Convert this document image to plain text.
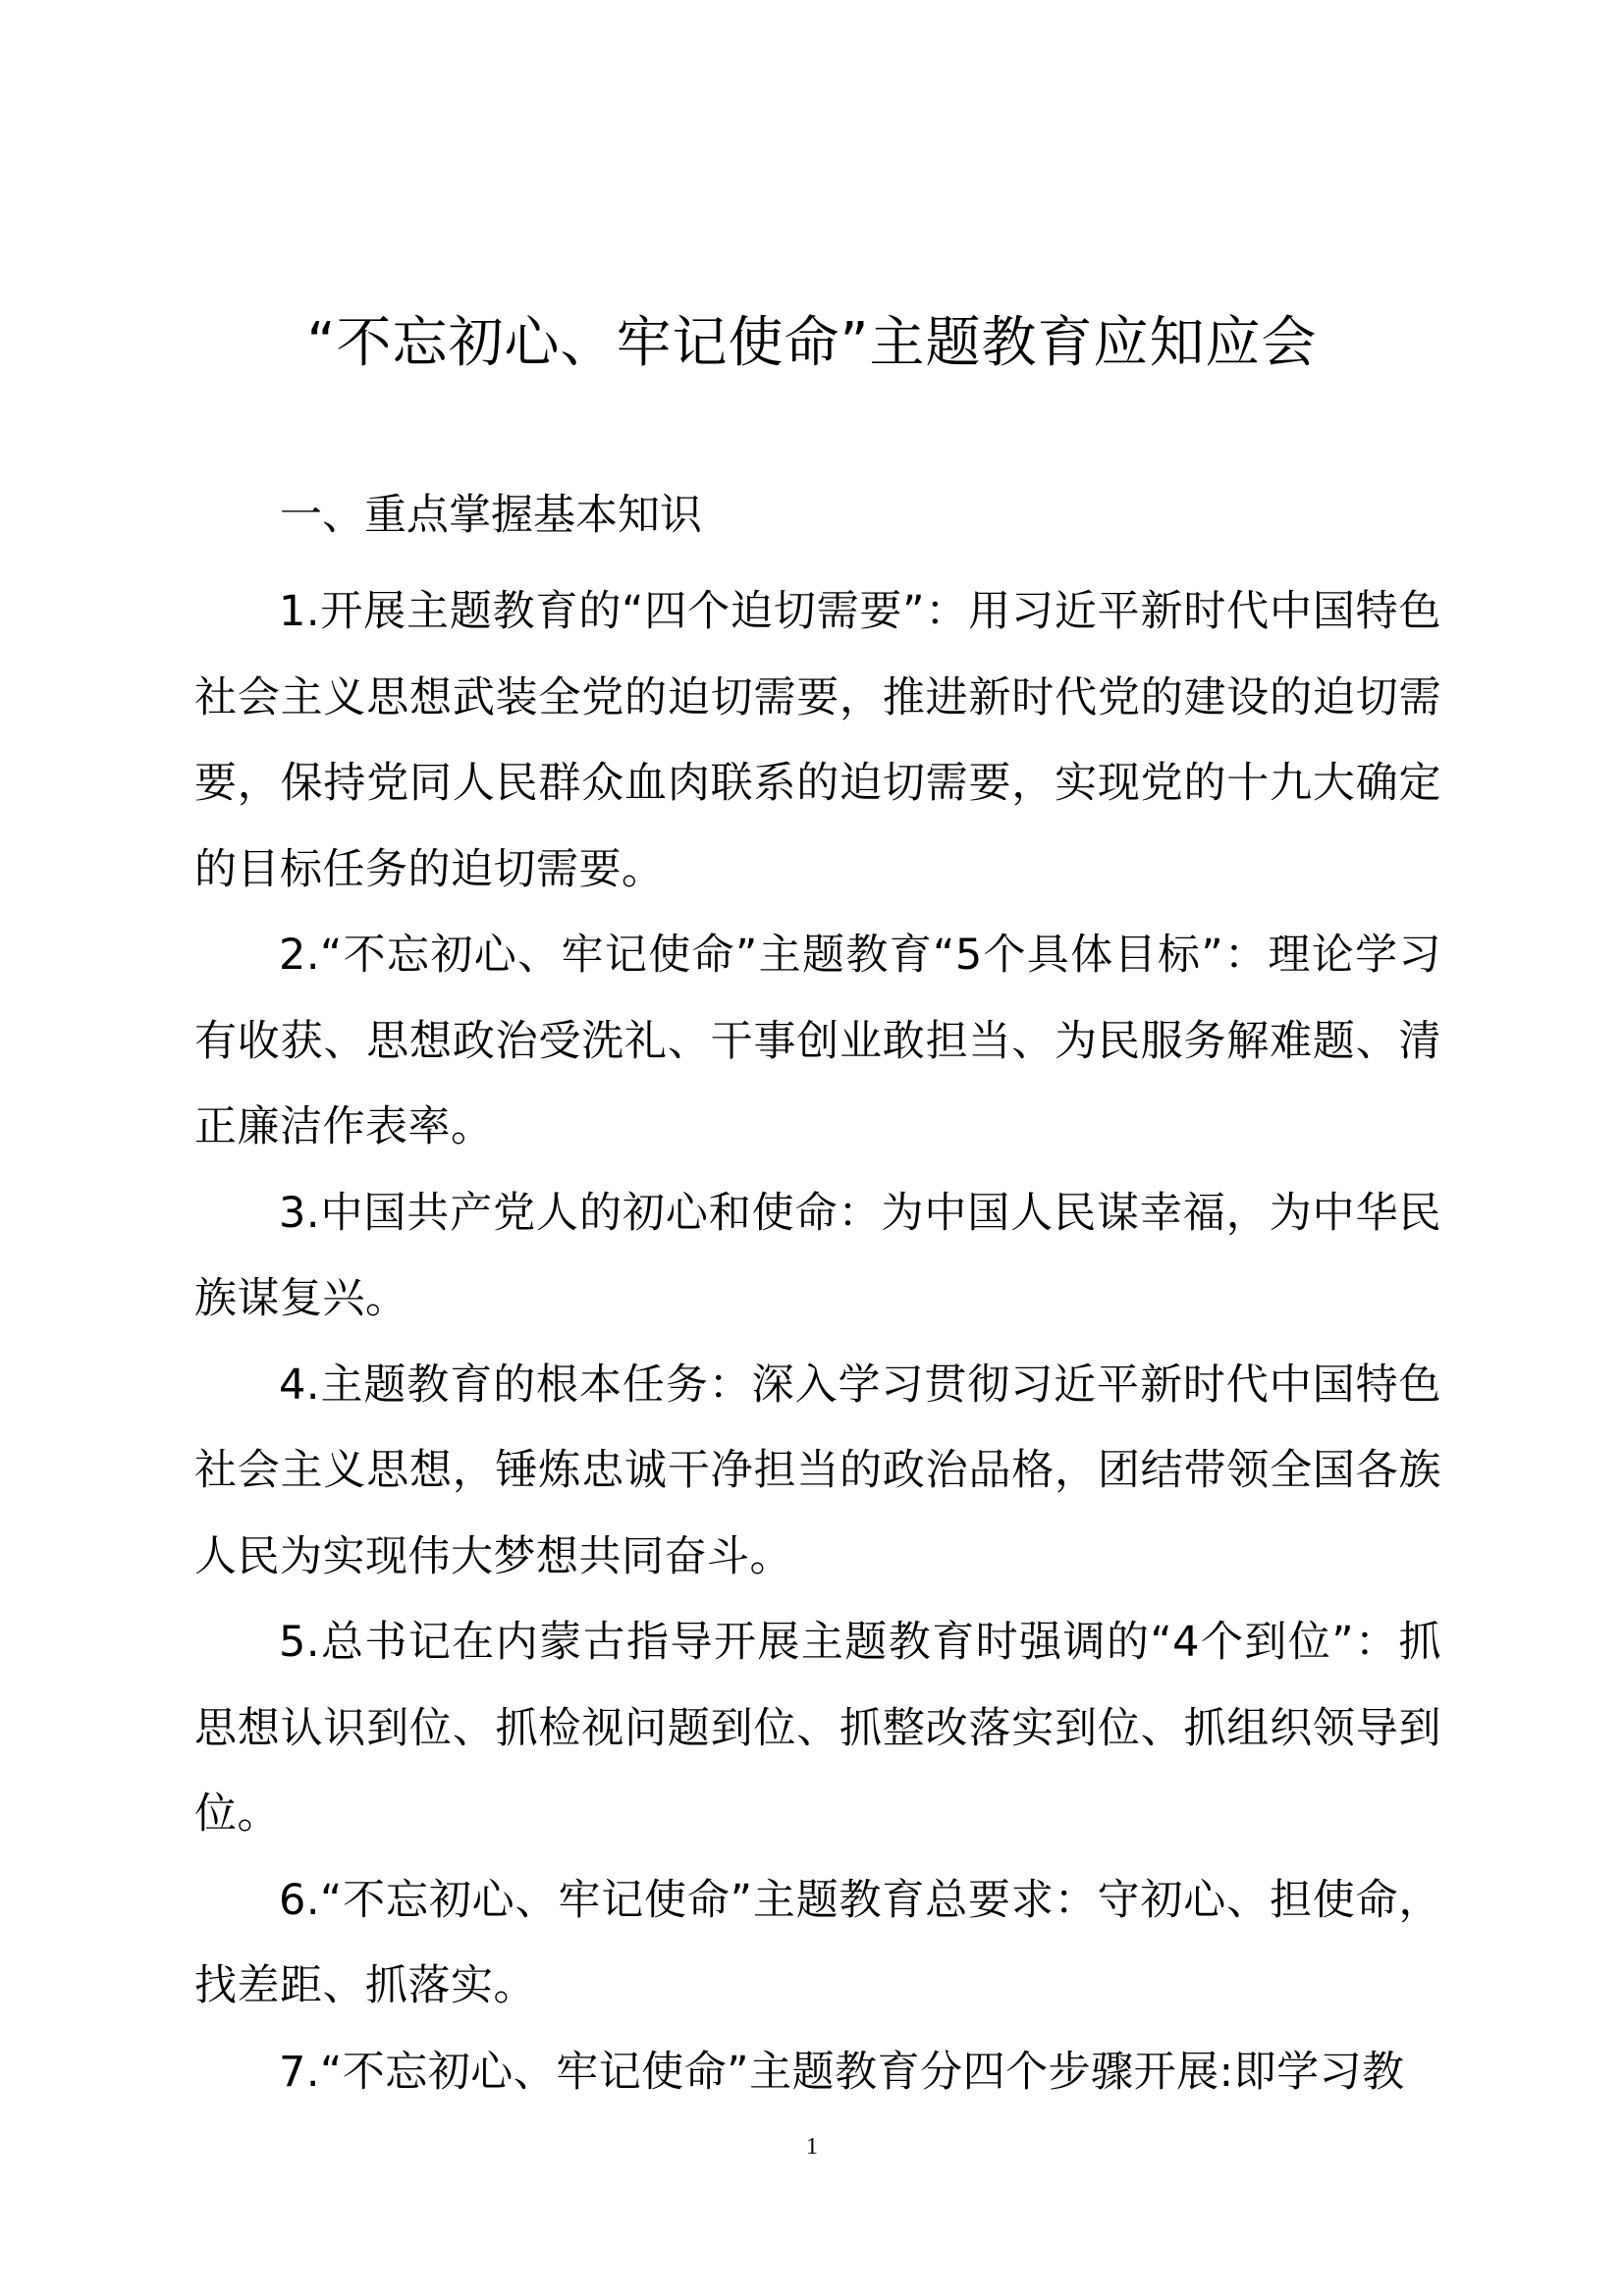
“不忘初心、牢记使命”主题教育应知应会
一、重点掌握基本知识

1.开展主题教育的“四个迫切需要”：用习近平新时代中国特色社会主义思想武装全党的迫切需要，推进新时代党的建设的迫切需要，保持党同人民群众血肉联系的迫切需要，实现党的十九大确定的目标任务的迫切需要。

2.“不忘初心、牢记使命”主题教育“5个具体目标”：理论学习有收获、思想政治受洗礼、干事创业敢担当、为民服务解难题、清正廉洁作表率。

3.中国共产党人的初心和使命：为中国人民谋幸福，为中华民族谋复兴。

4.主题教育的根本任务：深入学习贯彻习近平新时代中国特色社会主义思想，锤炼忠诚干净担当的政治品格，团结带领全国各族人民为实现伟大梦想共同奋斗。

5.总书记在内蒙古指导开展主题教育时强调的“4个到位”：抓思想认识到位、抓检视问题到位、抓整改落实到位、抓组织领导到位。

6.“不忘初心、牢记使命”主题教育总要求：守初心、担使命，找差距、抓落实。

7.“不忘初心、牢记使命”主题教育分四个步骤开展:即学习教

1
